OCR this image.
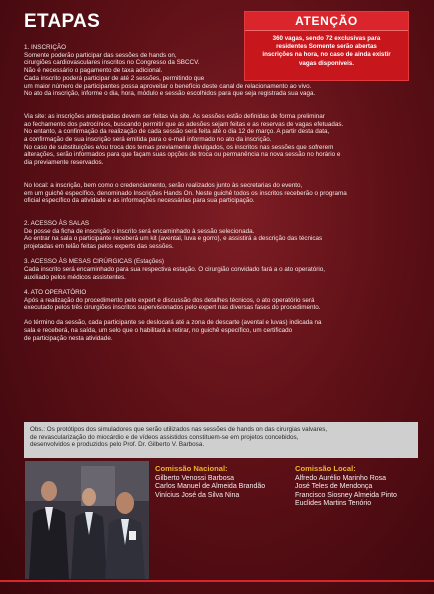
ETAPAS	ATENÇÃO
360 vagas, sendo 72 exclusivas para
residentes Somente serão abertas
inscrições na hora, no caso de ainda existir
vagas disponíveis.
1. INSCRIÇÃO
Somente poderão participar das sessões de hands on,
cirurgiões cardiovasculares inscritos no Congresso da SBCCV.
Não é necessário o pagamento de taxa adicional.
Cada inscrito poderá participar de até 2 sessões, permitindo que
um maior número de participantes possa aproveitar o benefício deste canal de relacionamento ao vivo.
No ato da inscrição, informe o dia, hora, módulo e sessão escolhidos para que seja registrada sua vaga.
Via site: as inscrições antecipadas devem ser feitas via site. As sessões estão definidas de forma preliminar
ao fechamento dos patrocínios, buscando permitir que as adesões sejam feitas e as reservas de vagas efetuadas.
No entanto, a confirmação da realização de cada sessão será feita até o dia 12 de março. A partir desta data,
a confirmação de sua inscrição será emitida para o e-mail informado no ato da inscrição.
No caso de substituições e/ou troca dos temas previamente divulgados, os inscritos nas sessões que sofrerem
alterações, serão informados para que façam suas opções de troca ou permanência na nova sessão no horário e
dia previamente reservados.
No local: a inscrição, bem como o credenciamento, serão realizados junto às secretarias do evento,
em um guichê específico, denominado Inscrições Hands On. Neste guichê todos os inscritos receberão o programa
oficial específico da atividade e as informações necessárias para sua participação.
2. ACESSO ÀS SALAS
De posse da ficha de inscrição o inscrito será encaminhado à sessão selecionada.
Ao entrar na sala o participante receberá um kit (avental, luva e gorro), e assistirá a descrição das técnicas
projetadas em telão feitas pelos experts das sessões.
3. ACESSO ÀS MESAS CIRÚRGICAS (Estações)
Cada inscrito será encaminhado para sua respectiva estação. O cirurgião convidado fará a o ato operatório,
auxiliado pelos médicos assistentes.
4. ATO OPERATÓRIO
Após a realização do procedimento pelo expert e discussão dos detalhes técnicos, o ato operatório será
executado pelos três cirurgiões inscritos supervisionados pelo expert nas diversas fases do procedimento.
Ao término da sessão, cada participante se deslocará até a zona de descarte (avental e luvas) indicada na
sala e receberá, na saída, um selo que o habilitará a retirar, no guichê específico, um certificado
de participação nesta atividade.
Obs.: Os protótipos dos simuladores que serão utilizados nas sessões de hands on das cirurgias valvares,
de revascularização do miocárdio e de vídeos assistidos constituem-se em projetos concebidos,
desenvolvidos e produzidos pelo Prof. Dr. Gilberto V. Barbosa.
Comissão Nacional:
Gilberto Venossi Barbosa
Carlos Manuel de Almeida Brandão
Vinícius José da Silva Nina
Comissão Local:
Alfredo Aurélio Marinho Rosa
José Teles de Mendonça
Francisco Siosney Almeida Pinto
Euclides Martins Tenório
